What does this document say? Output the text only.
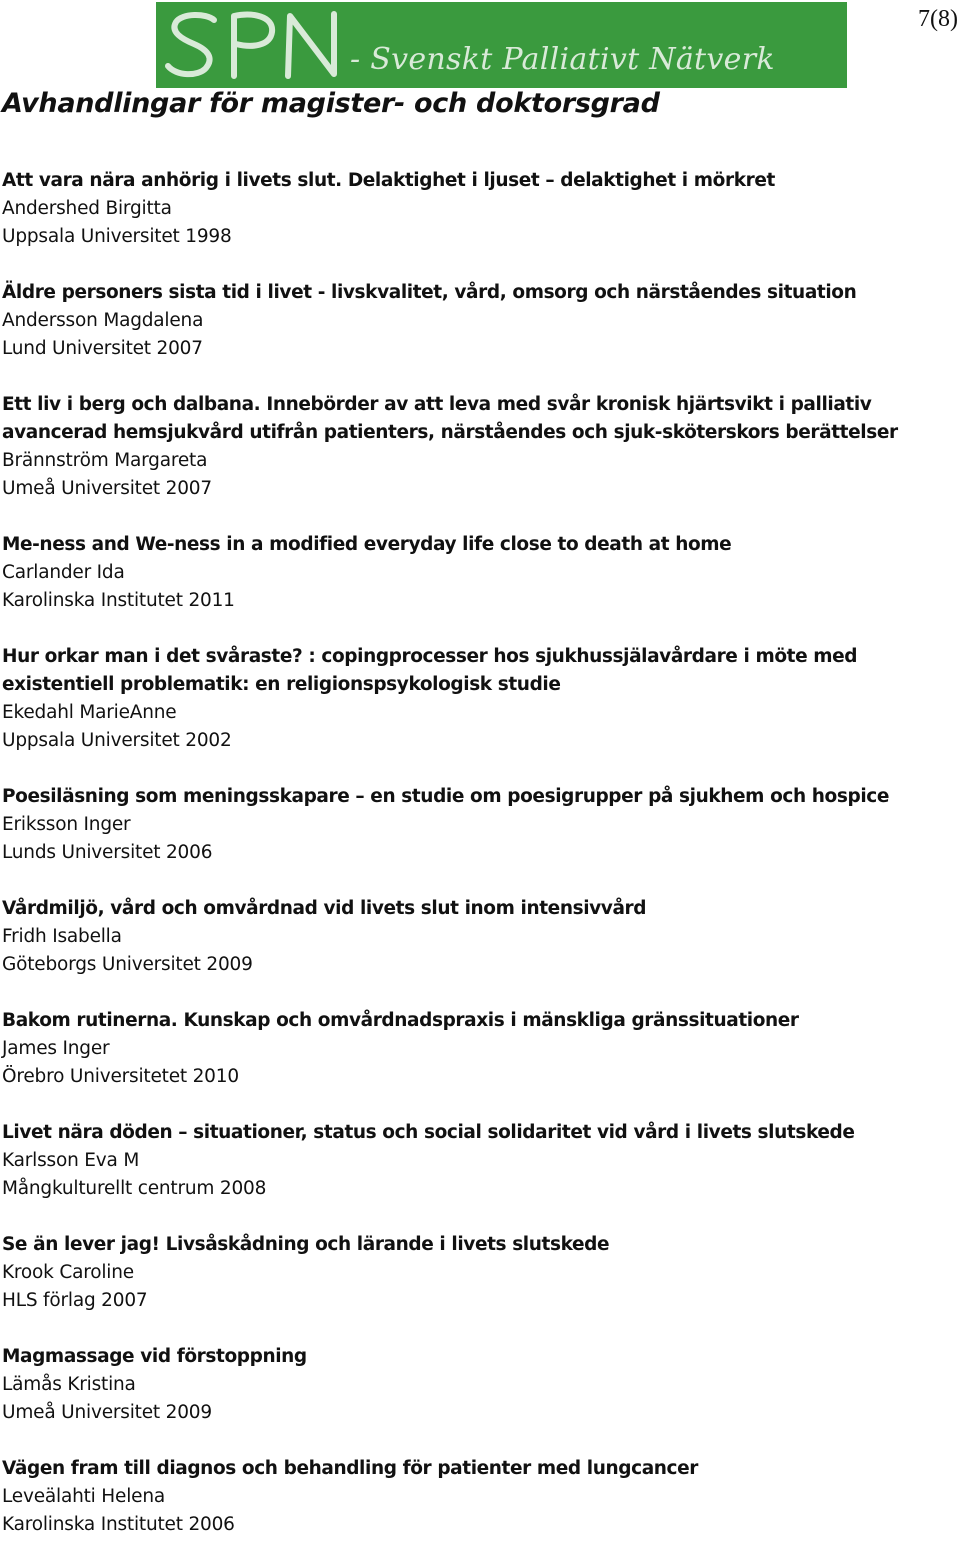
7(8)
- Svenskt Palliativt Nätverk
Avhandlingar för magister- och doktorsgrad
Att vara nära anhörig i livets slut. Delaktighet i ljuset – delaktighet i mörkret
Andershed Birgitta
Uppsala Universitet 1998
Äldre personers sista tid i livet - livskvalitet, vård, omsorg och närståendes situation
Andersson Magdalena
Lund Universitet 2007
Ett liv i berg och dalbana. Innebörder av att leva med svår kronisk hjärtsvikt i palliativ avancerad hemsjukvård utifrån patienters, närståendes och sjuk-sköterskors berättelser
Brännström Margareta
Umeå Universitet 2007
Me-ness and We-ness in a modified everyday life close to death at home
Carlander Ida
Karolinska Institutet 2011
Hur orkar man i det svåraste? : copingprocesser hos sjukhussjälavårdare i möte med existentiell problematik: en religionspsykologisk studie
Ekedahl MarieAnne
Uppsala Universitet 2002
Poesiläsning som meningsskapare – en studie om poesigrupper på sjukhem och hospice
Eriksson Inger
Lunds Universitet 2006
Vårdmiljö, vård och omvårdnad vid livets slut inom intensivvård
Fridh Isabella
Göteborgs Universitet 2009
Bakom rutinerna. Kunskap och omvårdnadspraxis i mänskliga gränssituationer
James Inger
Örebro Universitetet 2010
Livet nära döden – situationer, status och social solidaritet vid vård i livets slutskede
Karlsson Eva M
Mångkulturellt centrum 2008
Se än lever jag! Livsåskådning och lärande i livets slutskede
Krook Caroline
HLS förlag 2007
Magmassage vid förstoppning
Lämås Kristina
Umeå Universitet 2009
Vägen fram till diagnos och behandling för patienter med lungcancer
Leveälahti Helena
Karolinska Institutet 2006
